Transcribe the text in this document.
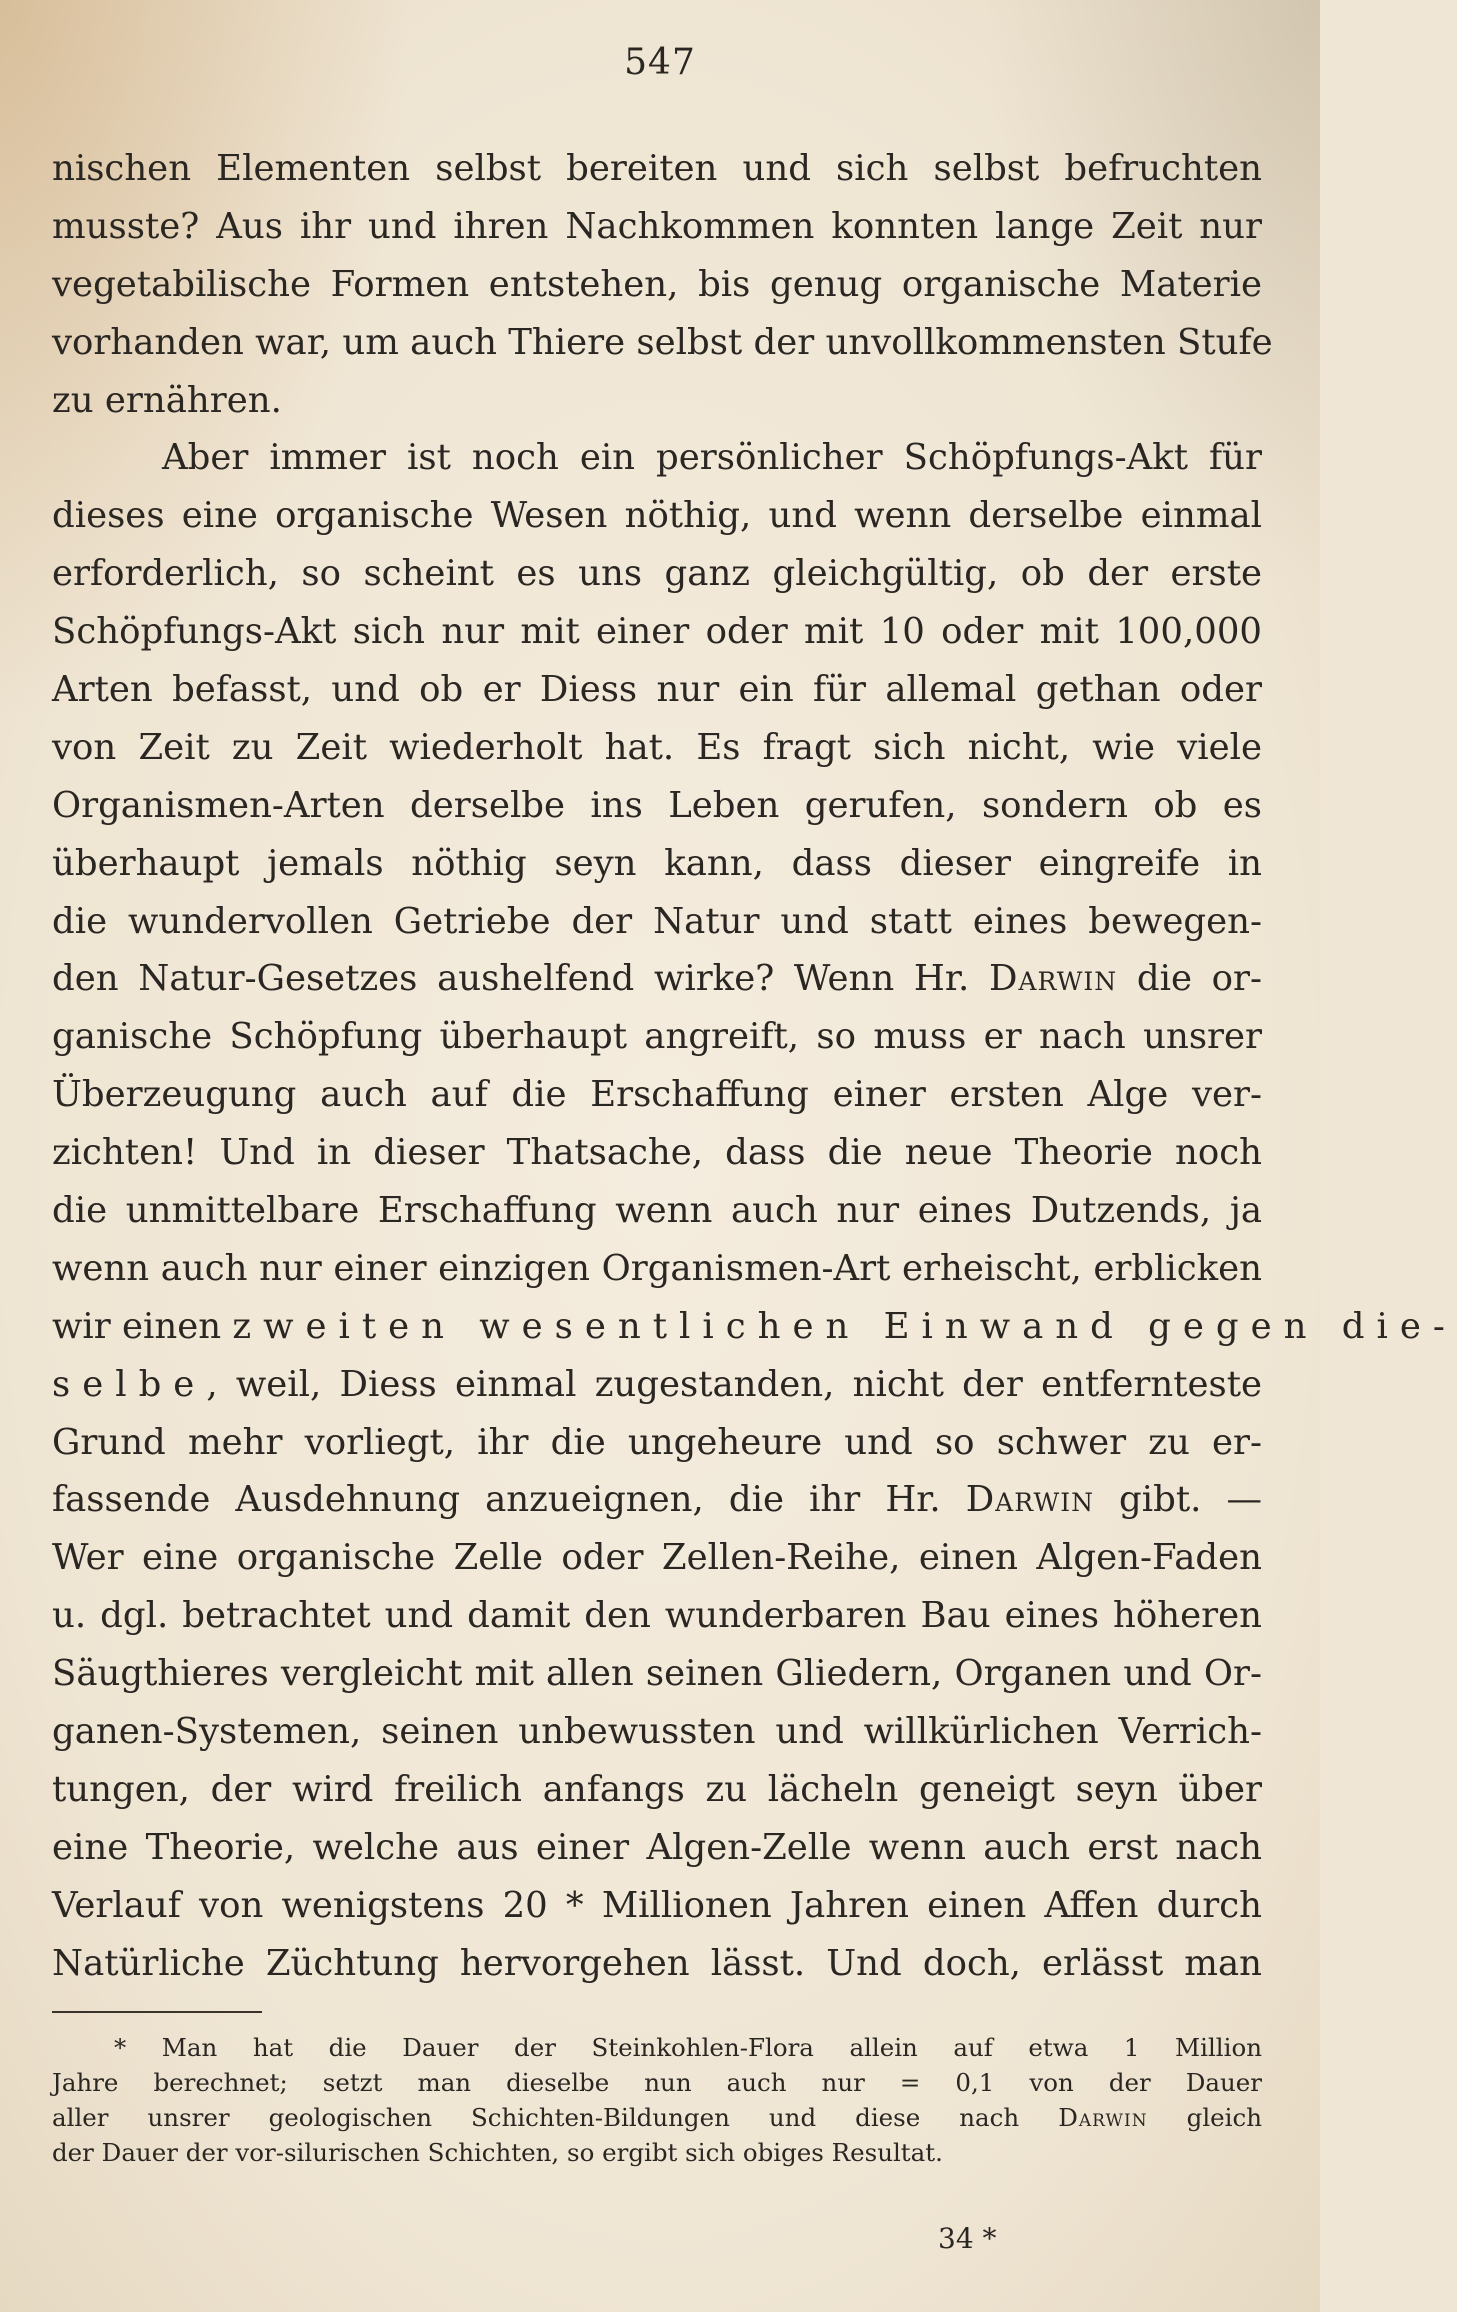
547
nischen Elementen selbst bereiten und sich selbst befruchten
musste? Aus ihr und ihren Nachkommen konnten lange Zeit nur
vegetabilische Formen entstehen, bis genug organische Materie
vorhanden war, um auch Thiere selbst der unvollkommensten Stufe
zu ernähren.
Aber immer ist noch ein persönlicher Schöpfungs-Akt für
dieses eine organische Wesen nöthig, und wenn derselbe einmal
erforderlich, so scheint es uns ganz gleichgültig, ob der erste
Schöpfungs-Akt sich nur mit einer oder mit 10 oder mit 100,000
Arten befasst, und ob er Diess nur ein für allemal gethan oder
von Zeit zu Zeit wiederholt hat. Es fragt sich nicht, wie viele
Organismen-Arten derselbe ins Leben gerufen, sondern ob es
überhaupt jemals nöthig seyn kann, dass dieser eingreife in
die wundervollen Getriebe der Natur und statt eines bewegen-
den Natur-Gesetzes aushelfend wirke? Wenn Hr. Darwin die or-
ganische Schöpfung überhaupt angreift, so muss er nach unsrer
Überzeugung auch auf die Erschaffung einer ersten Alge ver-
zichten! Und in dieser Thatsache, dass die neue Theorie noch
die unmittelbare Erschaffung wenn auch nur eines Dutzends, ja
wenn auch nur einer einzigen Organismen-Art erheischt, erblicken
wir einen zweiten wesentlichen Einwand gegen die-
selbe, weil, Diess einmal zugestanden, nicht der entfernteste
Grund mehr vorliegt, ihr die ungeheure und so schwer zu er-
fassende Ausdehnung anzueignen, die ihr Hr. Darwin gibt. —
Wer eine organische Zelle oder Zellen-Reihe, einen Algen-Faden
u. dgl. betrachtet und damit den wunderbaren Bau eines höheren
Säugthieres vergleicht mit allen seinen Gliedern, Organen und Or-
ganen-Systemen, seinen unbewussten und willkürlichen Verrich-
tungen, der wird freilich anfangs zu lächeln geneigt seyn über
eine Theorie, welche aus einer Algen-Zelle wenn auch erst nach
Verlauf von wenigstens 20 * Millionen Jahren einen Affen durch
Natürliche Züchtung hervorgehen lässt. Und doch, erlässt man
* Man hat die Dauer der Steinkohlen-Flora allein auf etwa 1 Million
Jahre berechnet; setzt man dieselbe nun auch nur = 0,1 von der Dauer
aller unsrer geologischen Schichten-Bildungen und diese nach Darwin gleich
der Dauer der vor-silurischen Schichten, so ergibt sich obiges Resultat.
34 *
